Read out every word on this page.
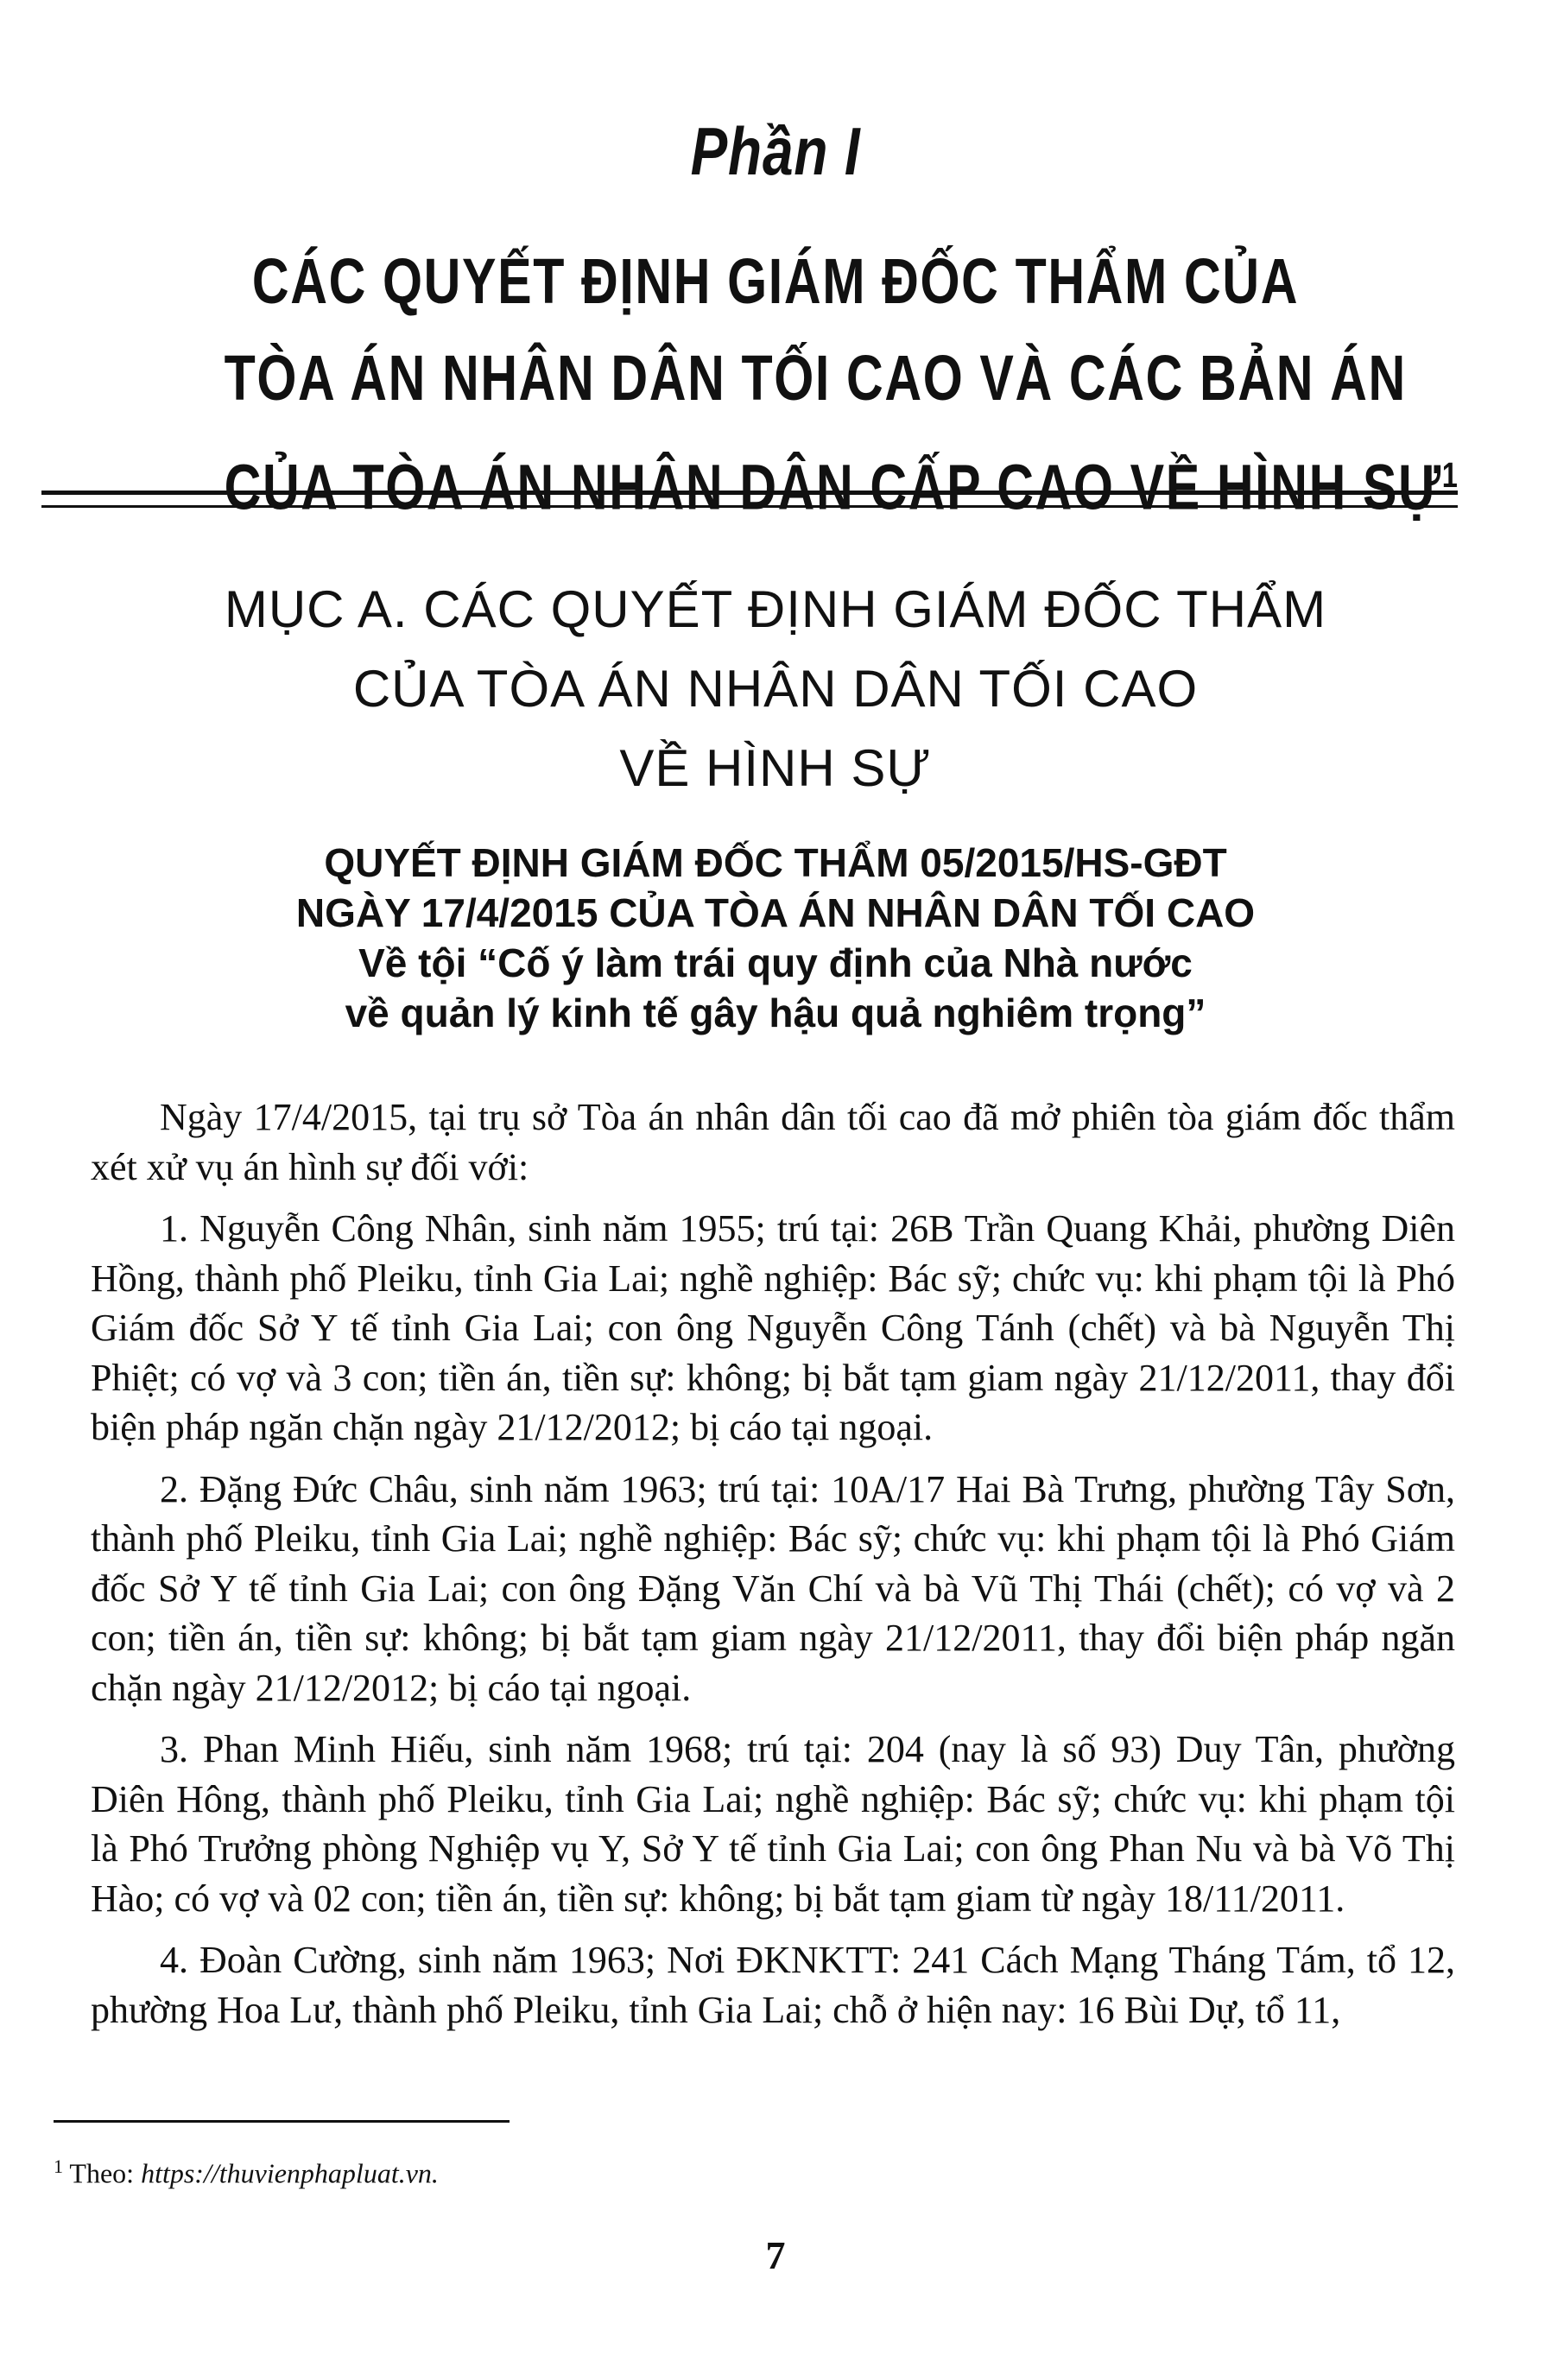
Phần I
CÁC QUYẾT ĐỊNH GIÁM ĐỐC THẨM CỦA
TÒA ÁN NHÂN DÂN TỐI CAO VÀ CÁC BẢN ÁN
CỦA TÒA ÁN NHÂN DÂN CẤP CAO VỀ HÌNH SỰ$^1$
MỤC A. CÁC QUYẾT ĐỊNH GIÁM ĐỐC THẨM
CỦA TÒA ÁN NHÂN DÂN TỐI CAO
VỀ HÌNH SỰ
QUYẾT ĐỊNH GIÁM ĐỐC THẨM 05/2015/HS-GĐT
NGÀY 17/4/2015 CỦA TÒA ÁN NHÂN DÂN TỐI CAO
Về tội “Cố ý làm trái quy định của Nhà nước
về quản lý kinh tế gây hậu quả nghiêm trọng”

Ngày 17/4/2015, tại trụ sở Tòa án nhân dân tối cao đã mở phiên tòa giám đốc thẩm xét xử vụ án hình sự đối với:

1. Nguyễn Công Nhân, sinh năm 1955; trú tại: 26B Trần Quang Khải, phường Diên Hồng, thành phố Pleiku, tỉnh Gia Lai; nghề nghiệp: Bác sỹ; chức vụ: khi phạm tội là Phó Giám đốc Sở Y tế tỉnh Gia Lai; con ông Nguyễn Công Tánh (chết) và bà Nguyễn Thị Phiệt; có vợ và 3 con; tiền án, tiền sự: không; bị bắt tạm giam ngày 21/12/2011, thay đổi biện pháp ngăn chặn ngày 21/12/2012; bị cáo tại ngoại.

2. Đặng Đức Châu, sinh năm 1963; trú tại: 10A/17 Hai Bà Trưng, phường Tây Sơn, thành phố Pleiku, tỉnh Gia Lai; nghề nghiệp: Bác sỹ; chức vụ: khi phạm tội là Phó Giám đốc Sở Y tế tỉnh Gia Lai; con ông Đặng Văn Chí và bà Vũ Thị Thái (chết); có vợ và 2 con; tiền án, tiền sự: không; bị bắt tạm giam ngày 21/12/2011, thay đổi biện pháp ngăn chặn ngày 21/12/2012; bị cáo tại ngoại.

3. Phan Minh Hiếu, sinh năm 1968; trú tại: 204 (nay là số 93) Duy Tân, phường Diên Hông, thành phố Pleiku, tỉnh Gia Lai; nghề nghiệp: Bác sỹ; chức vụ: khi phạm tội là Phó Trưởng phòng Nghiệp vụ Y, Sở Y tế tỉnh Gia Lai; con ông Phan Nu và bà Võ Thị Hào; có vợ và 02 con; tiền án, tiền sự: không; bị bắt tạm giam từ ngày 18/11/2011.

4. Đoàn Cường, sinh năm 1963; Nơi ĐKNKTT: 241 Cách Mạng Tháng Tám, tổ 12, phường Hoa Lư, thành phố Pleiku, tỉnh Gia Lai; chỗ ở hiện nay: 16 Bùi Dự, tổ 11,

$^1$ Theo: https://thuvienphapluat.vn.
7
